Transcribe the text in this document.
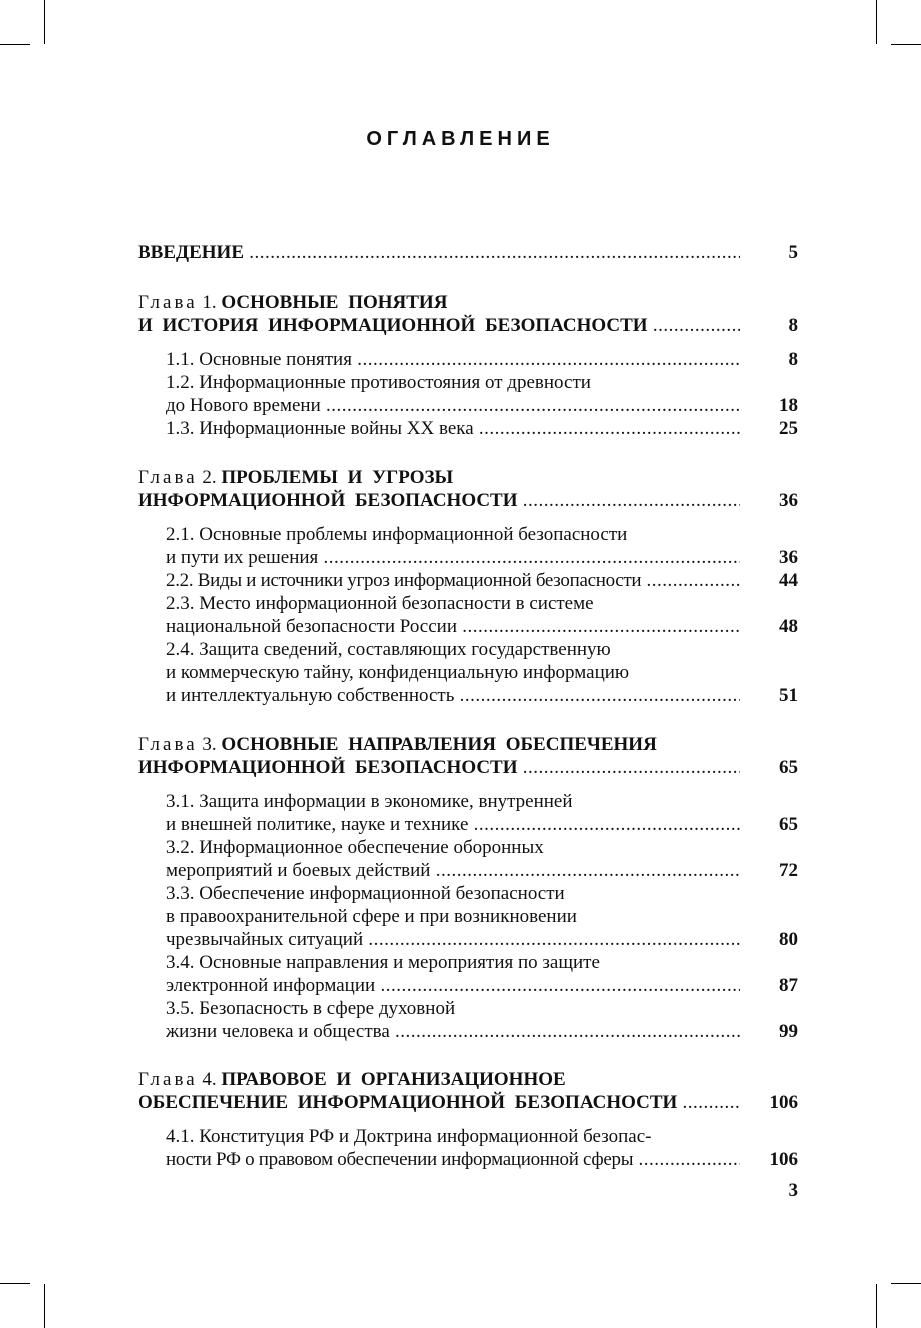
ОГЛАВЛЕНИЕ
ВВЕДЕНИЕ .....	5
Глава 1. ОСНОВНЫЕ ПОНЯТИЯ
И ИСТОРИЯ ИНФОРМАЦИОННОЙ БЕЗОПАСНОСТИ .....	8
1.1. Основные понятия .....	8
1.2. Информационные противостояния от древности
до Нового времени .....	18
1.3. Информационные войны XX века .....	25
Глава 2. ПРОБЛЕМЫ И УГРОЗЫ
ИНФОРМАЦИОННОЙ БЕЗОПАСНОСТИ .....	36
2.1. Основные проблемы информационной безопасности
и пути их решения .....	36
2.2. Виды и источники угроз информационной безопасности .....	44
2.3. Место информационной безопасности в системе
национальной безопасности России .....	48
2.4. Защита сведений, составляющих государственную
и коммерческую тайну, конфиденциальную информацию
и интеллектуальную собственность .....	51
Глава 3. ОСНОВНЫЕ НАПРАВЛЕНИЯ ОБЕСПЕЧЕНИЯ
ИНФОРМАЦИОННОЙ БЕЗОПАСНОСТИ .....	65
3.1. Защита информации в экономике, внутренней
и внешней политике, науке и технике .....	65
3.2. Информационное обеспечение оборонных
мероприятий и боевых действий .....	72
3.3. Обеспечение информационной безопасности
в правоохранительной сфере и при возникновении
чрезвычайных ситуаций .....	80
3.4. Основные направления и мероприятия по защите
электронной информации .....	87
3.5. Безопасность в сфере духовной
жизни человека и общества .....	99
Глава 4. ПРАВОВОЕ И ОРГАНИЗАЦИОННОЕ
ОБЕСПЕЧЕНИЕ ИНФОРМАЦИОННОЙ БЕЗОПАСНОСТИ .....	106
4.1. Конституция РФ и Доктрина информационной безопас-
ности РФ о правовом обеспечении информационной сферы .....	106
3
